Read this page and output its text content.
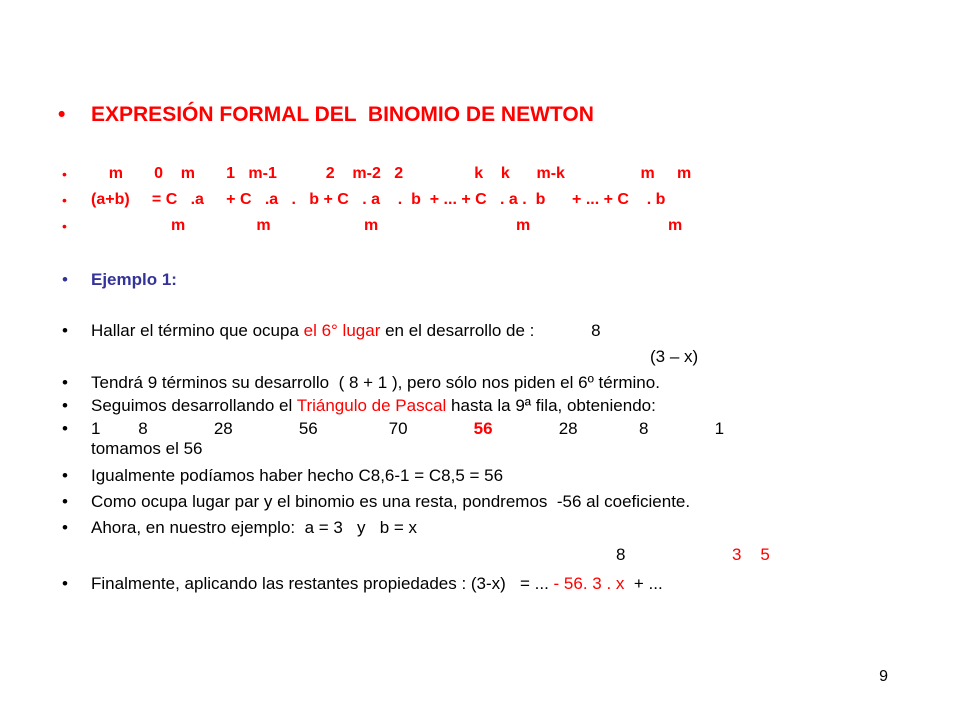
• EXPRESIÓN FORMAL DEL  BINOMIO DE NEWTON
• m       0    m       1   m-1           2    m-2   2                k    k      m-k                 m     m
• (a+b)     = C   .a     + C   .a   .   b + C   . a    .  b  + ... + C   . a .  b      + ... + C    . b
• m                m                     m                               m                               m
• Ejemplo 1:
• Hallar el término que ocupa el 6° lugar en el desarrollo de :            8
(3 – x)
• Tendrá 9 términos su desarrollo  ( 8 + 1 ), pero sólo nos piden el 6º término.
• Seguimos desarrollando el Triángulo de Pascal hasta la 9ª fila, obteniendo:
• 1        8              28              56               70              56              28             8              1
tomamos el 56
• Igualmente podíamos haber hecho C8,6-1 = C8,5 = 56
• Como ocupa lugar par y el binomio es una resta, pondremos  -56 al coeficiente.
• Ahora, en nuestro ejemplo:  a = 3   y   b = x
8	3    5
• Finalmente, aplicando las restantes propiedades : (3-x)   = ... - 56. 3 . x  + ...
9
